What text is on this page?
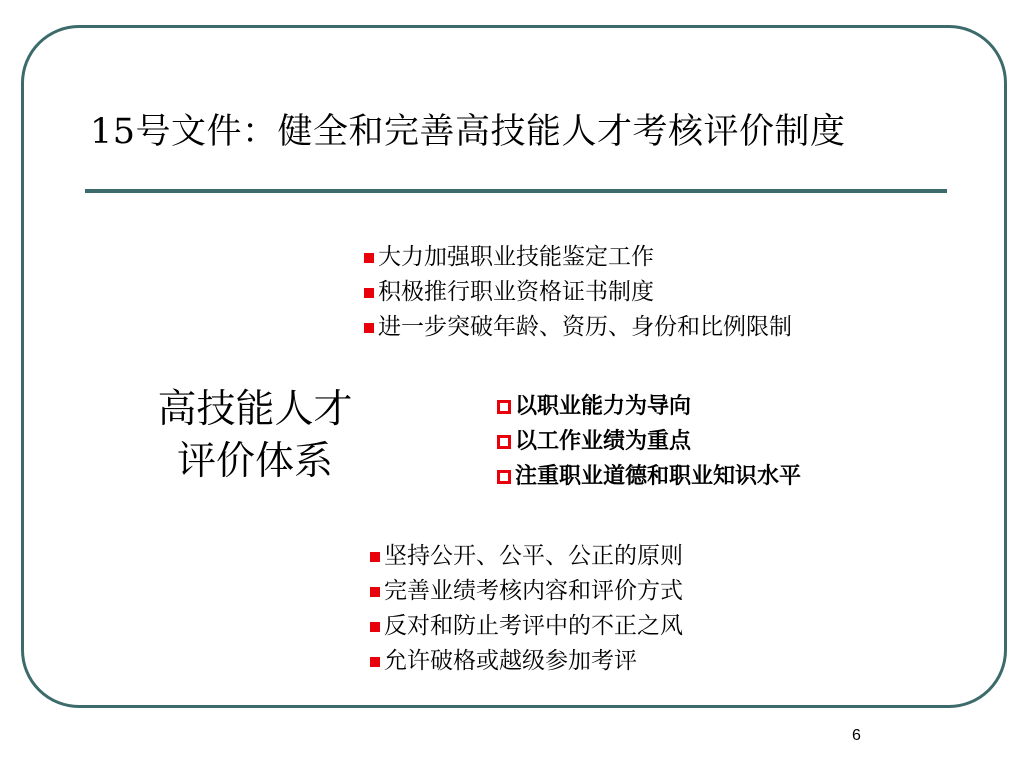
15号文件：健全和完善高技能人才考核评价制度
大力加强职业技能鉴定工作
积极推行职业资格证书制度
进一步突破年龄、资历、身份和比例限制
高技能人才
评价体系
以职业能力为导向
以工作业绩为重点
注重职业道德和职业知识水平
坚持公开、公平、公正的原则
完善业绩考核内容和评价方式
反对和防止考评中的不正之风
允许破格或越级参加考评
6
